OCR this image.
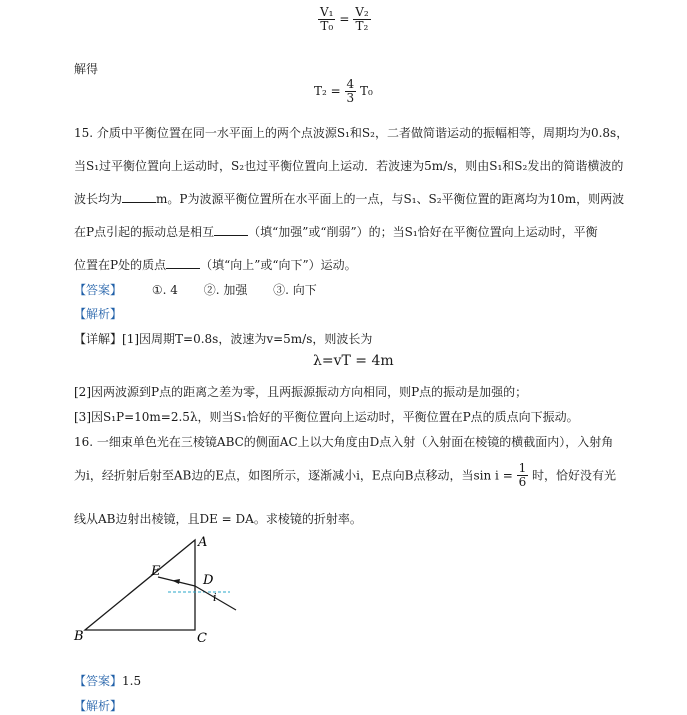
$\frac{\text{V₁}}{\text{T₀}} = \frac{\text{V₂}}{\text{T₂}}$
解得
$T_2 = \frac{4}{3} T_0$
15. 介质中平衡位置在同一水平面上的两个点波源S₁和S₂，二者做简谐运动的振幅相等，周期均为0.8s，
当S₁过平衡位置向上运动时，S₂也过平衡位置向上运动．若波速为5m/s，则由S₁和S₂发出的简谐横波的
波长均为	m。P为波源平衡位置所在水平面上的一点，与S₁、S₂平衡位置的距离均为10m，则两波
在P点引起的振动总是相互	（填“加强”或“削弱”）的；当S₁恰好在平衡位置向上运动时，平衡
位置在P处的质点	（填“向上”或“向下”）运动。
【答案】 ①. 4 ②. 加强 ③. 向下
【解析】
【详解】[1]因周期T=0.8s，波速为v=5m/s，则波长为
λ=vT = 4m
[2]因两波源到P点的距离之差为零，且两振源振动方向相同，则P点的振动是加强的；
[3]因S₁P=10m=2.5λ，则当S₁恰好的平衡位置向上运动时，平衡位置在P点的质点向下振动。
16. 一细束单色光在三棱镜ABC的侧面AC上以大角度由D点入射（入射面在棱镜的横截面内），入射角
为i，经折射后射至AB边的E点，如图所示，逐渐减小i，E点向B点移动，当$\sin i = \frac{1}{6}$ 时，恰好没有光
线从AB边射出棱镜，且DE = DA。求棱镜的折射率。
A
B	C
D
E
i
【答案】1.5
【解析】
